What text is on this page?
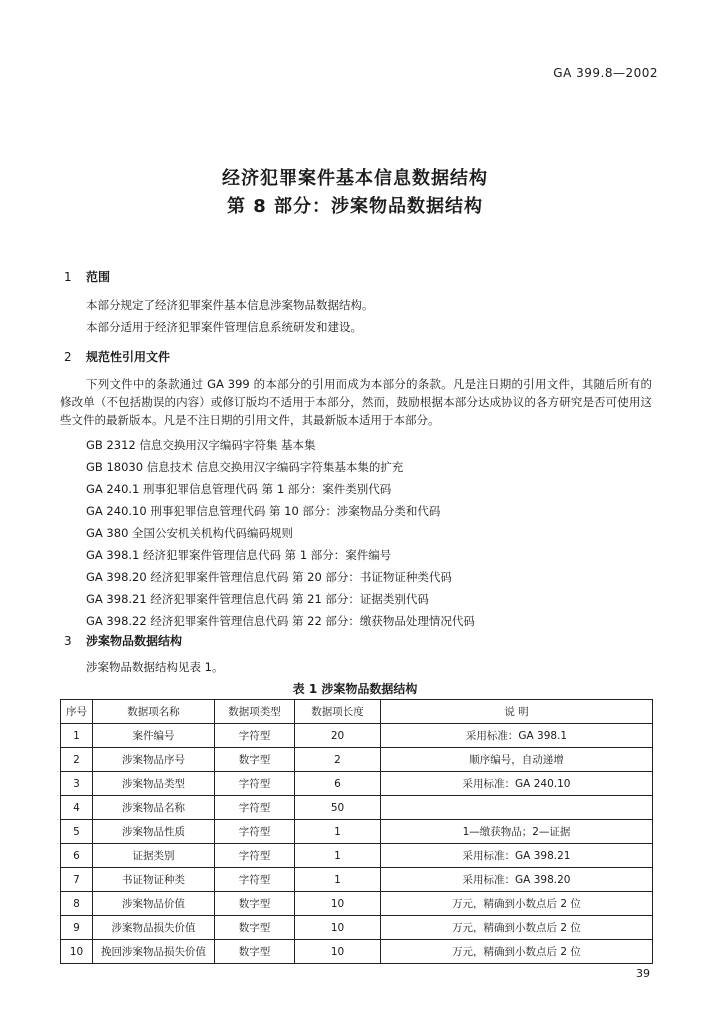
GA 399.8—2002
经济犯罪案件基本信息数据结构
第 8 部分：涉案物品数据结构
1 范围
本部分规定了经济犯罪案件基本信息涉案物品数据结构。
本部分适用于经济犯罪案件管理信息系统研发和建设。
2 规范性引用文件
下列文件中的条款通过 GA 399 的本部分的引用而成为本部分的条款。凡是注日期的引用文件，其随后所有的修改单（不包括勘误的内容）或修订版均不适用于本部分，然而，鼓励根据本部分达成协议的各方研究是否可使用这些文件的最新版本。凡是不注日期的引用文件，其最新版本适用于本部分。
GB 2312 信息交换用汉字编码字符集 基本集
GB 18030 信息技术 信息交换用汉字编码字符集基本集的扩充
GA 240.1 刑事犯罪信息管理代码 第 1 部分：案件类别代码
GA 240.10 刑事犯罪信息管理代码 第 10 部分：涉案物品分类和代码
GA 380 全国公安机关机构代码编码规则
GA 398.1 经济犯罪案件管理信息代码 第 1 部分：案件编号
GA 398.20 经济犯罪案件管理信息代码 第 20 部分：书证物证种类代码
GA 398.21 经济犯罪案件管理信息代码 第 21 部分：证据类别代码
GA 398.22 经济犯罪案件管理信息代码 第 22 部分：缴获物品处理情况代码
3 涉案物品数据结构
涉案物品数据结构见表 1。
表 1 涉案物品数据结构
序号	数据项名称	数据项类型	数据项长度	说 明
1	案件编号	字符型	20	采用标准：GA 398.1
2	涉案物品序号	数字型	2	顺序编号，自动递增
3	涉案物品类型	字符型	6	采用标准：GA 240.10
4	涉案物品名称	字符型	50	
5	涉案物品性质	字符型	1	1—缴获物品；2—证据
6	证据类别	字符型	1	采用标准：GA 398.21
7	书证物证种类	字符型	1	采用标准：GA 398.20
8	涉案物品价值	数字型	10	万元，精确到小数点后 2 位
9	涉案物品损失价值	数字型	10	万元，精确到小数点后 2 位
10	挽回涉案物品损失价值	数字型	10	万元，精确到小数点后 2 位
39
